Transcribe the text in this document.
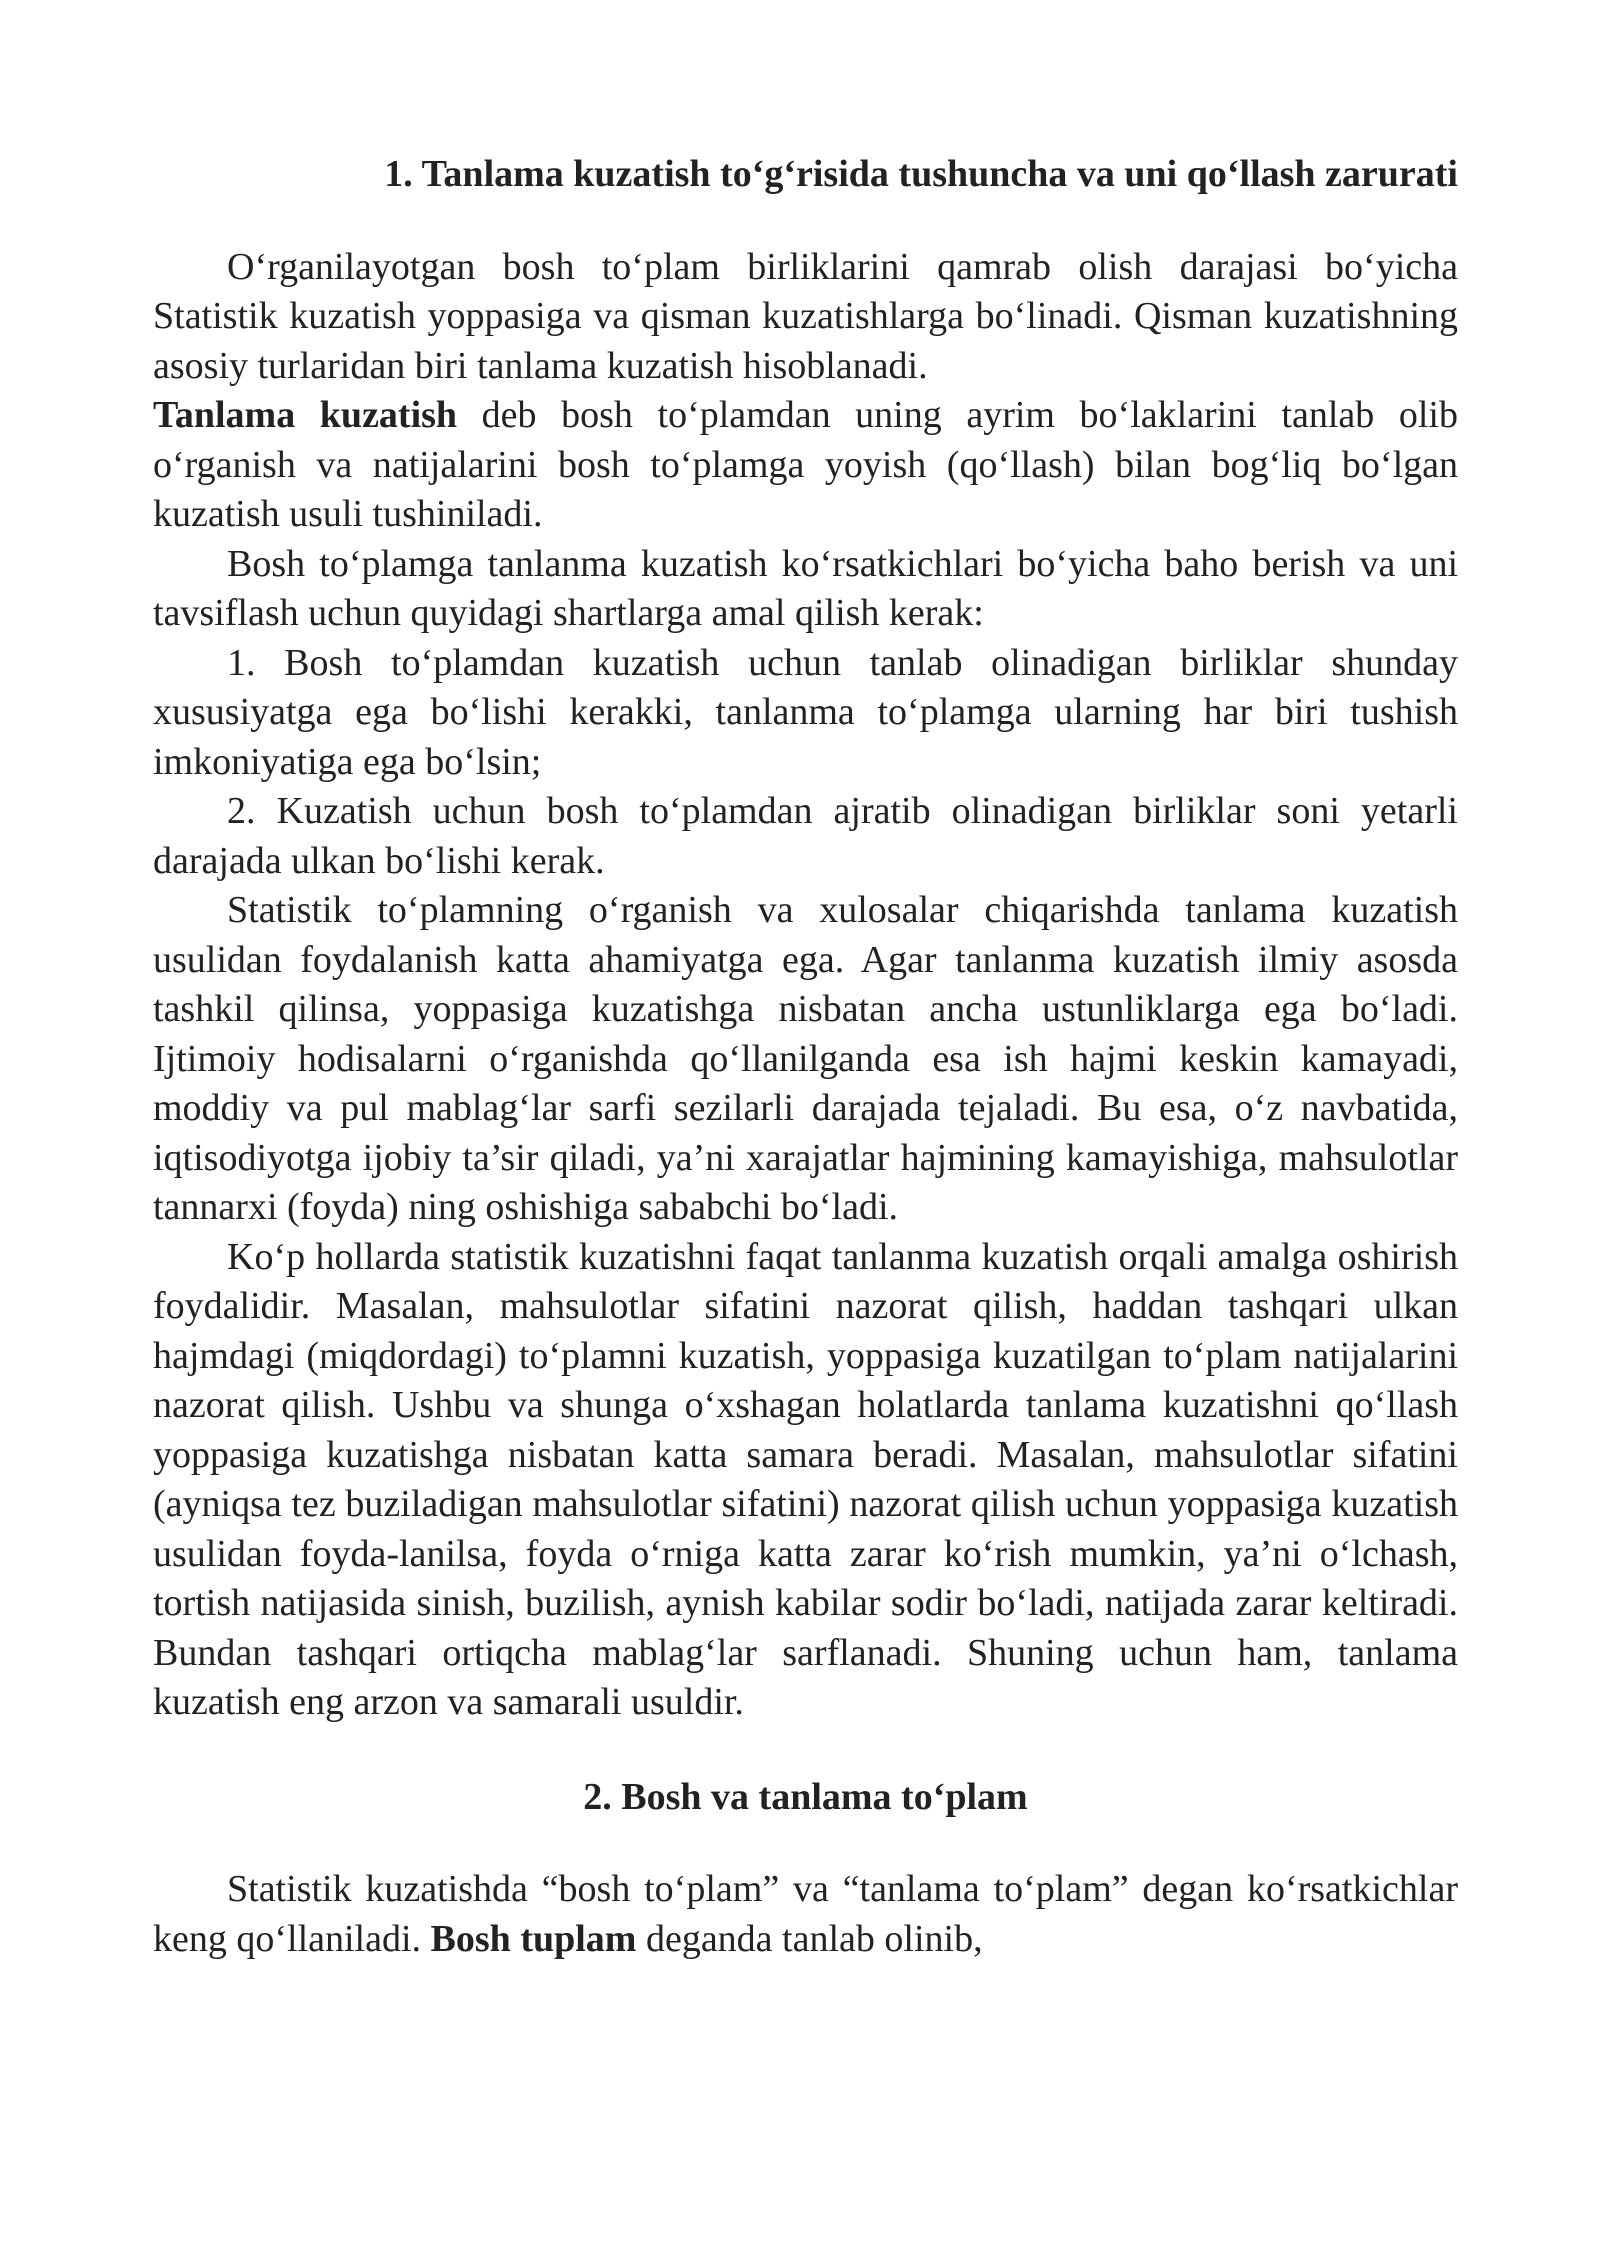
1. Tanlama kuzatish to‘g‘risida tushuncha va uni qo‘llash zarurati

O‘rganilayotgan bosh to‘plam birliklarini qamrab olish darajasi bo‘yicha Statistik kuzatish yoppasiga va qisman kuzatishlarga bo‘linadi. Qisman kuzatishning asosiy turlaridan biri tanlama kuzatish hisoblanadi.
Tanlama kuzatish deb bosh to‘plamdan uning ayrim bo‘laklarini tanlab olib o‘rganish va natijalarini bosh to‘plamga yoyish (qo‘llash) bilan bog‘liq bo‘lgan kuzatish usuli tushiniladi.

Bosh to‘plamga tanlanma kuzatish ko‘rsatkichlari bo‘yicha baho berish va uni tavsiflash uchun quyidagi shartlarga amal qilish kerak:

1. Bosh to‘plamdan kuzatish uchun tanlab olinadigan birliklar shunday xususiyatga ega bo‘lishi kerakki, tanlanma to‘plamga ularning har biri tushish imkoniyatiga ega bo‘lsin;

2. Kuzatish uchun bosh to‘plamdan ajratib olinadigan birliklar soni yetarli darajada ulkan bo‘lishi kerak.

Statistik to‘plamning o‘rganish va xulosalar chiqarishda tanlama kuzatish usulidan foydalanish katta ahamiyatga ega. Agar tanlanma kuzatish ilmiy asosda tashkil qilinsa, yoppasiga kuzatishga nisbatan ancha ustunliklarga ega bo‘ladi. Ijtimoiy hodisalarni o‘rganishda qo‘llanilganda esa ish hajmi keskin kamayadi, moddiy va pul mablag‘lar sarfi sezilarli darajada tejaladi. Bu esa, o‘z navbatida, iqtisodiyotga ijobiy ta’sir qiladi, ya’ni xarajatlar hajmining kamayishiga, mahsulotlar tannarxi (foyda) ning oshishiga sababchi bo‘ladi.

Ko‘p hollarda statistik kuzatishni faqat tanlanma kuzatish orqali amalga oshirish foydalidir. Masalan, mahsulotlar sifatini nazorat qilish, haddan tashqari ulkan hajmdagi (miqdordagi) to‘plamni kuzatish, yoppasiga kuzatilgan to‘plam natijalarini nazorat qilish. Ushbu va shunga o‘xshagan holatlarda tanlama kuzatishni qo‘llash yoppasiga kuzatishga nisbatan katta samara beradi. Masalan, mahsulotlar sifatini (ayniqsa tez buziladigan mahsulotlar sifatini) nazorat qilish uchun yoppasiga kuzatish usulidan foyda-lanilsa, foyda o‘rniga katta zarar ko‘rish mumkin, ya’ni o‘lchash, tortish natijasida sinish, buzilish, aynish kabilar sodir bo‘ladi, natijada zarar keltiradi. Bundan tashqari ortiqcha mablag‘lar sarflanadi. Shuning uchun ham, tanlama kuzatish eng arzon va samarali usuldir.

2. Bosh va tanlama to‘plam

Statistik kuzatishda “bosh to‘plam” va “tanlama to‘plam” degan ko‘rsatkichlar keng qo‘llaniladi. Bosh tuplam deganda tanlab olinib,
